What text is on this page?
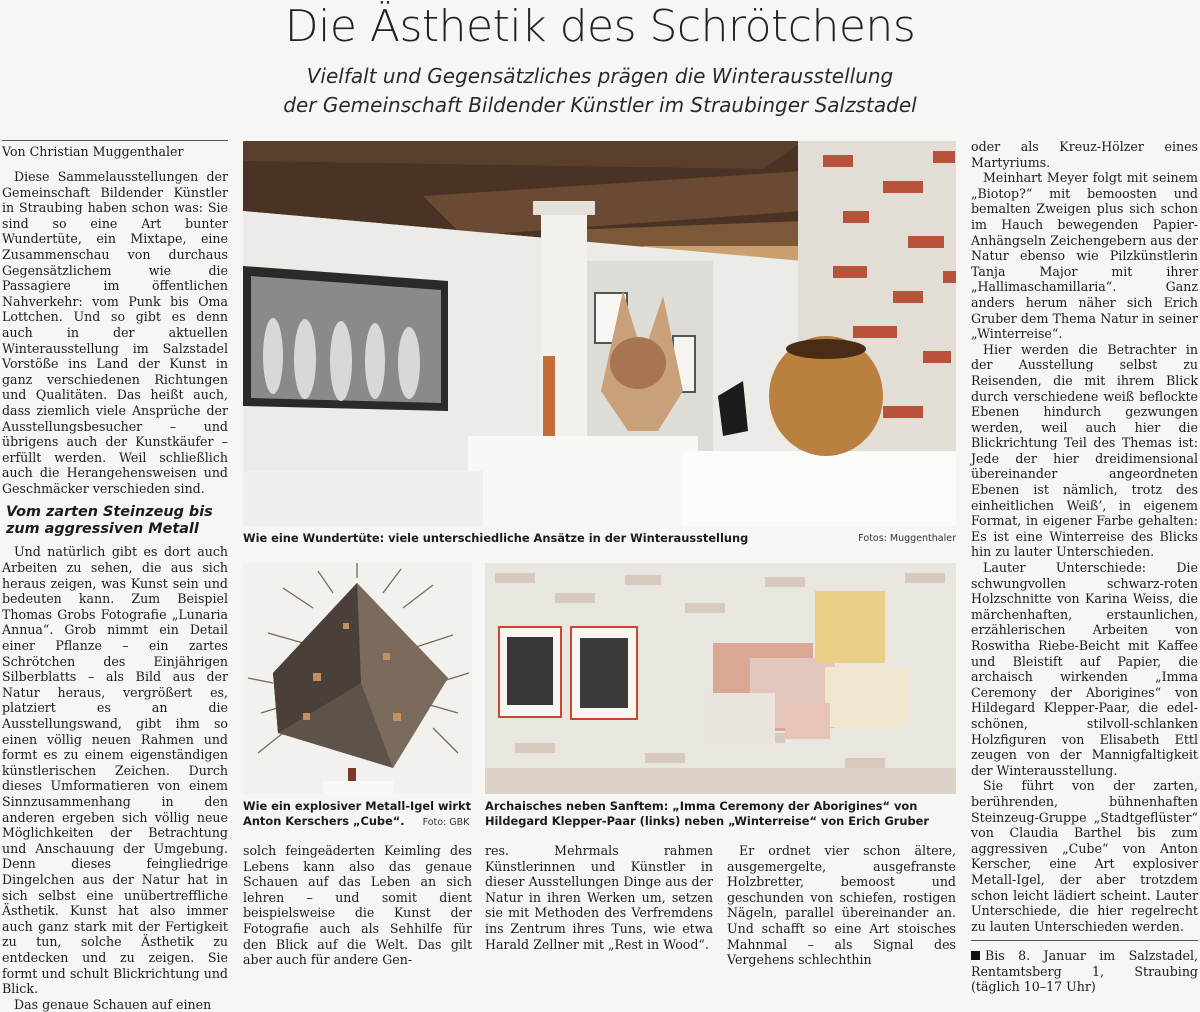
Die Ästhetik des Schrötchens
Vielfalt und Gegensätzliches prägen die Winterausstellung
der Gemeinschaft Bildender Künstler im Straubinger Salzstadel

Von Christian Muggenthaler

Diese Sammelausstellungen der Gemeinschaft Bildender Künstler in Straubing haben schon was: Sie sind so eine Art bunter Wundertüte, ein Mixtape, eine Zusammenschau von durchaus Gegensätzlichem wie die Passagiere im öffentlichen Nahverkehr: vom Punk bis Oma Lottchen. Und so gibt es denn auch in der aktuellen Winterausstellung im Salzstadel Vorstöße ins Land der Kunst in ganz verschiedenen Richtungen und Qualitäten. Das heißt auch, dass ziemlich viele Ansprüche der Ausstellungsbesucher – und übrigens auch der Kunstkäufer – erfüllt werden. Weil schließlich auch die Herangehensweisen und Geschmäcker verschieden sind.

Vom zarten Steinzeug bis zum aggressiven Metall

Und natürlich gibt es dort auch Arbeiten zu sehen, die aus sich heraus zeigen, was Kunst sein und bedeuten kann. Zum Beispiel Thomas Grobs Fotografie „Lunaria Annua“. Grob nimmt ein Detail einer Pflanze – ein zartes Schrötchen des Einjährigen Silberblatts – als Bild aus der Natur heraus, vergrößert es, platziert es an die Ausstellungswand, gibt ihm so einen völlig neuen Rahmen und formt es zu einem eigenständigen künstlerischen Zeichen. Durch dieses Umformatieren von einem Sinnzusammenhang in den anderen ergeben sich völlig neue Möglichkeiten der Betrachtung und Anschauung der Umgebung. Denn dieses feingliedrige Dingelchen aus der Natur hat in sich selbst eine unübertreffliche Ästhetik. Kunst hat also immer auch ganz stark mit der Fertigkeit zu tun, solche Ästhetik zu entdecken und zu zeigen. Sie formt und schult Blickrichtung und Blick.

Das genaue Schauen auf einen

Wie eine Wundertüte: viele unterschiedliche Ansätze in der Winterausstellung	Fotos: Muggenthaler
Wie ein explosiver Metall-Igel wirkt Anton Kerschers „Cube“. Foto: GBK
Archaisches neben Sanftem: „Imma Ceremony der Aborigines“ von Hildegard Klepper-Paar (links) neben „Winterreise“ von Erich Gruber

solch feingeäderten Keimling des Lebens kann also das genaue Schauen auf das Leben an sich lehren – und somit dient beispielsweise die Kunst der Fotografie auch als Sehhilfe für den Blick auf die Welt. Das gilt aber auch für andere Gen-

res. Mehrmals rahmen Künstlerinnen und Künstler in dieser Ausstellungen Dinge aus der Natur in ihren Werken um, setzen sie mit Methoden des Verfremdens ins Zentrum ihres Tuns, wie etwa Harald Zellner mit „Rest in Wood“.

Er ordnet vier schon ältere, ausgemergelte, ausgefranste Holzbretter, bemoost und geschunden von schiefen, rostigen Nägeln, parallel übereinander an. Und schafft so eine Art stoisches Mahnmal – als Signal des Vergehens schlechthin

oder als Kreuz-Hölzer eines Martyriums.

Meinhart Meyer folgt mit seinem „Biotop?“ mit bemoosten und bemalten Zweigen plus sich schon im Hauch bewegenden Papier-Anhängseln Zeichengebern aus der Natur ebenso wie Pilzkünstlerin Tanja Major mit ihrer „Hallimaschamillaria“. Ganz anders herum näher sich Erich Gruber dem Thema Natur in seiner „Winterreise“.

Hier werden die Betrachter in der Ausstellung selbst zu Reisenden, die mit ihrem Blick durch verschiedene weiß beflockte Ebenen hindurch gezwungen werden, weil auch hier die Blickrichtung Teil des Themas ist: Jede der hier dreidimensional übereinander angeordneten Ebenen ist nämlich, trotz des einheitlichen Weiß’, in eigenem Format, in eigener Farbe gehalten: Es ist eine Winterreise des Blicks hin zu lauter Unterschieden.

Lauter Unterschiede: Die schwungvollen schwarz-roten Holzschnitte von Karina Weiss, die märchenhaften, erstaunlichen, erzählerischen Arbeiten von Roswitha Riebe-Beicht mit Kaffee und Bleistift auf Papier, die archaisch wirkenden „Imma Ceremony der Aborigines“ von Hildegard Klepper-Paar, die edel-schönen, stilvoll-schlanken Holzfiguren von Elisabeth Ettl zeugen von der Mannigfaltigkeit der Winterausstellung.

Sie führt von der zarten, berührenden, bühnenhaften Steinzeug-Gruppe „Stadtgeflüster“ von Claudia Barthel bis zum aggressiven „Cube“ von Anton Kerscher, eine Art explosiver Metall-Igel, der aber trotzdem schon leicht lädiert scheint. Lauter Unterschiede, die hier regelrecht zu lauten Unterschieden werden.

Bis 8. Januar im Salzstadel, Rentamtsberg 1, Straubing (täglich 10–17 Uhr)
